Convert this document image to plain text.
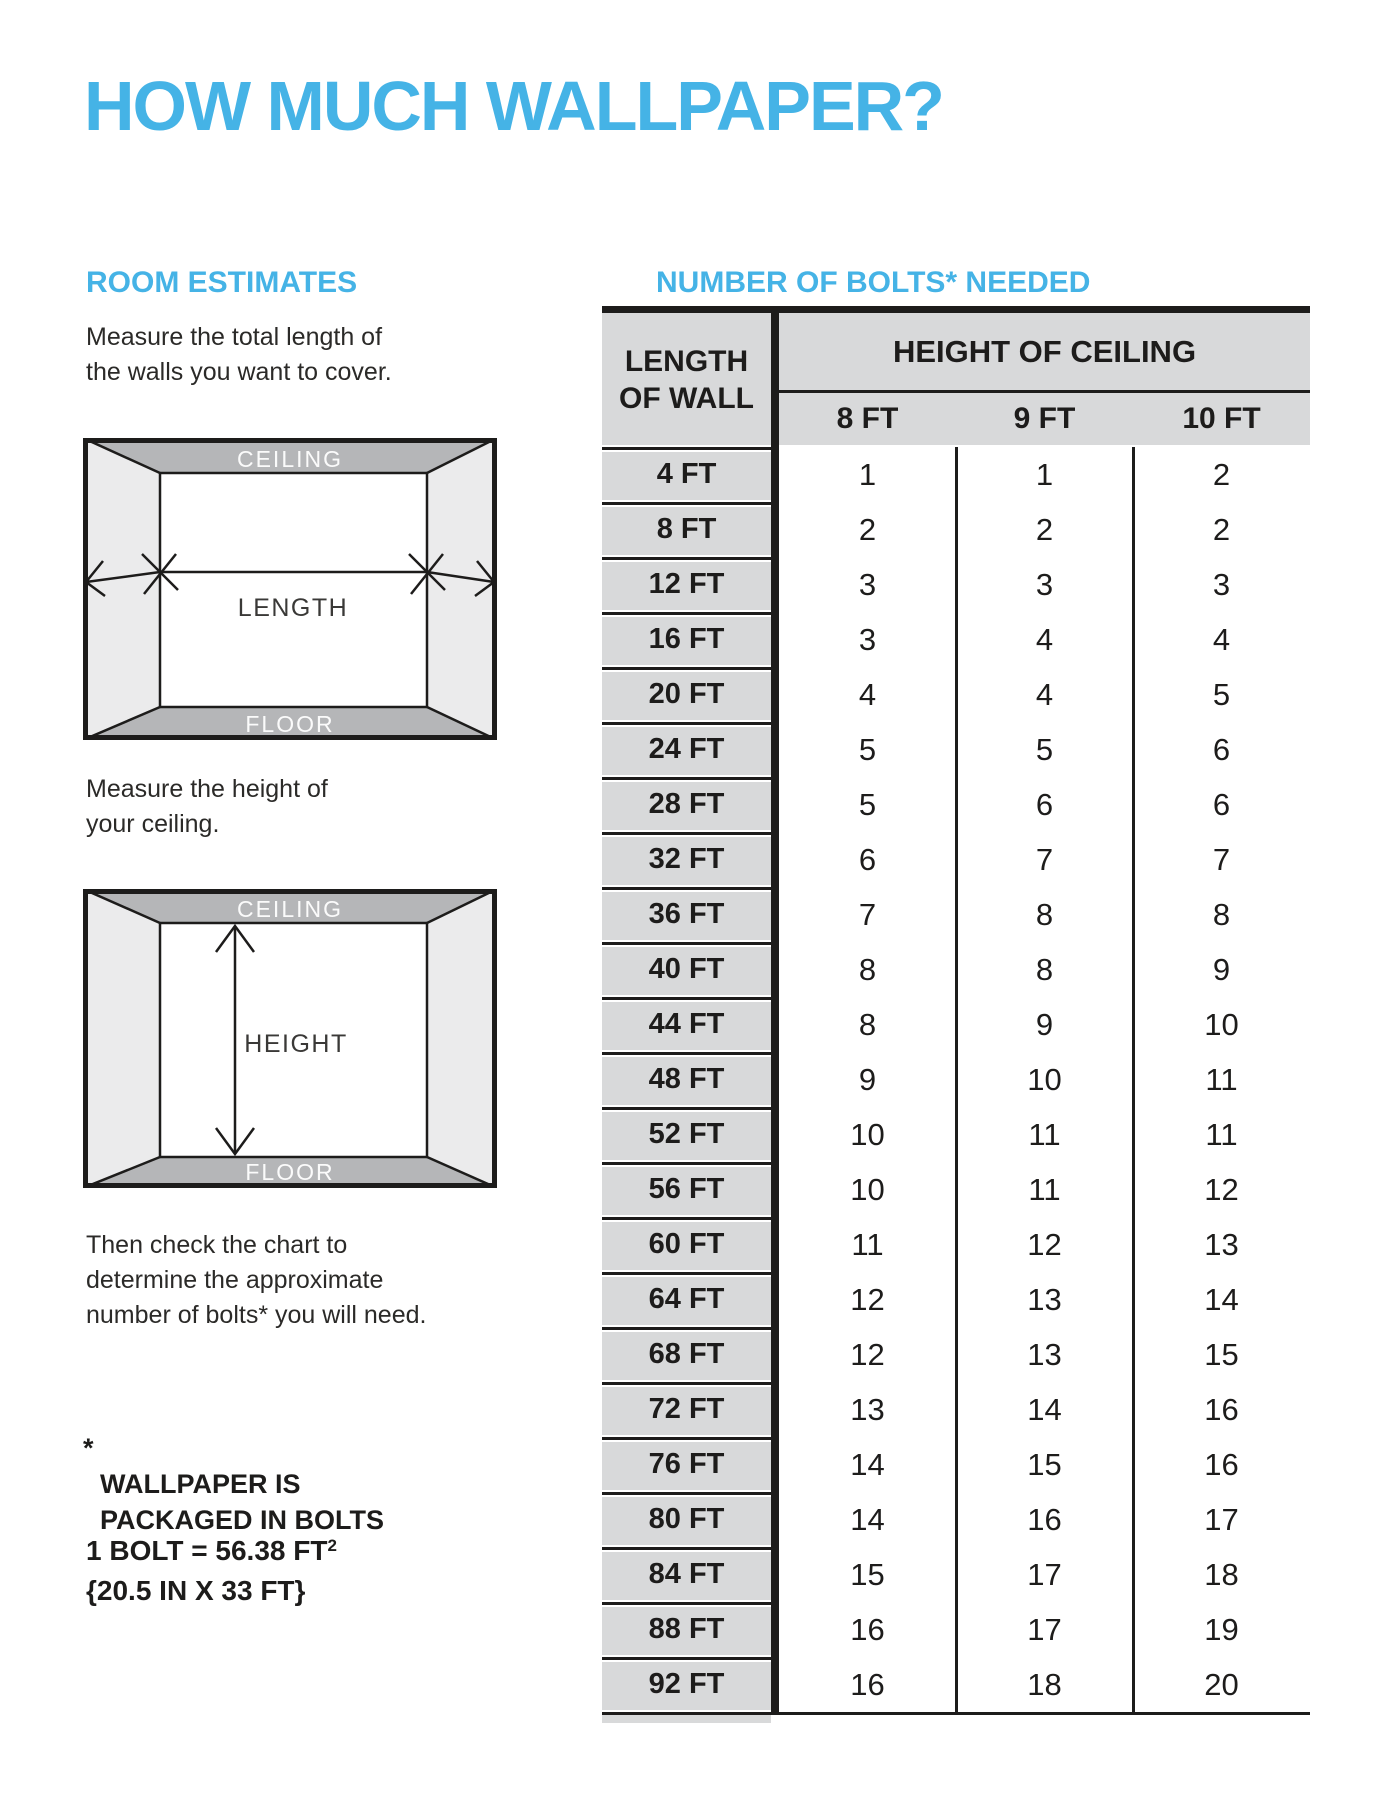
HOW MUCH WALLPAPER?
ROOM ESTIMATES
Measure the total length of
the walls you want to cover.
CEILING
FLOOR
LENGTH
Measure the height of
your ceiling.
CEILING
FLOOR
HEIGHT
Then check the chart to
determine the approximate
number of bolts* you will need.

*
WALLPAPER IS
PACKAGED IN BOLTS

1 BOLT = 56.38 $FT^2$
{20.5 IN X 33 FT}
NUMBER OF BOLTS* NEEDED
LENGTH
OF WALL
HEIGHT OF CEILING
8 FT	9 FT	10 FT
4 FT	1	1	2
8 FT	2	2	2
12 FT	3	3	3
16 FT	3	4	4
20 FT	4	4	5
24 FT	5	5	6
28 FT	5	6	6
32 FT	6	7	7
36 FT	7	8	8
40 FT	8	8	9
44 FT	8	9	10
48 FT	9	10	11
52 FT	10	11	11
56 FT	10	11	12
60 FT	11	12	13
64 FT	12	13	14
68 FT	12	13	15
72 FT	13	14	16
76 FT	14	15	16
80 FT	14	16	17
84 FT	15	17	18
88 FT	16	17	19
92 FT	16	18	20
